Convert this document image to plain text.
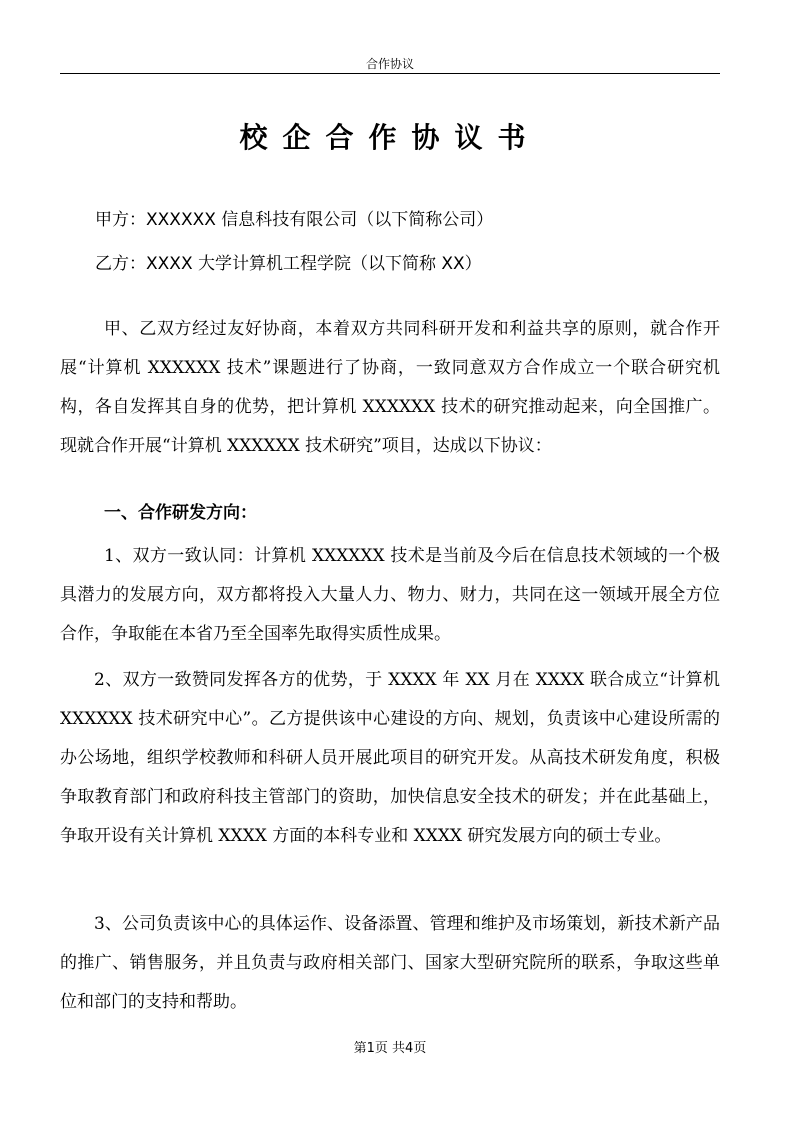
合作协议
校企合作协议书
甲方：XXXXXX 信息科技有限公司（以下简称公司）
乙方：XXXX 大学计算机工程学院（以下简称 XX）

甲、乙双方经过友好协商，本着双方共同科研开发和利益共享的原则，就合作开展“计算机 XXXXXX 技术”课题进行了协商，一致同意双方合作成立一个联合研究机构，各自发挥其自身的优势，把计算机 XXXXXX 技术的研究推动起来，向全国推广。现就合作开展“计算机 XXXXXX 技术研究”项目，达成以下协议：

一、合作研发方向：

1、双方一致认同：计算机 XXXXXX 技术是当前及今后在信息技术领域的一个极具潜力的发展方向，双方都将投入大量人力、物力、财力，共同在这一领域开展全方位合作，争取能在本省乃至全国率先取得实质性成果。

2、双方一致赞同发挥各方的优势，于 XXXX 年 XX 月在 XXXX 联合成立“计算机 XXXXXX 技术研究中心”。乙方提供该中心建设的方向、规划，负责该中心建设所需的办公场地，组织学校教师和科研人员开展此项目的研究开发。从高技术研发角度，积极争取教育部门和政府科技主管部门的资助，加快信息安全技术的研发；并在此基础上，争取开设有关计算机 XXXX 方面的本科专业和 XXXX 研究发展方向的硕士专业。

3、公司负责该中心的具体运作、设备添置、管理和维护及市场策划，新技术新产品的推广、销售服务，并且负责与政府相关部门、国家大型研究院所的联系，争取这些单位和部门的支持和帮助。

第1页 共4页
